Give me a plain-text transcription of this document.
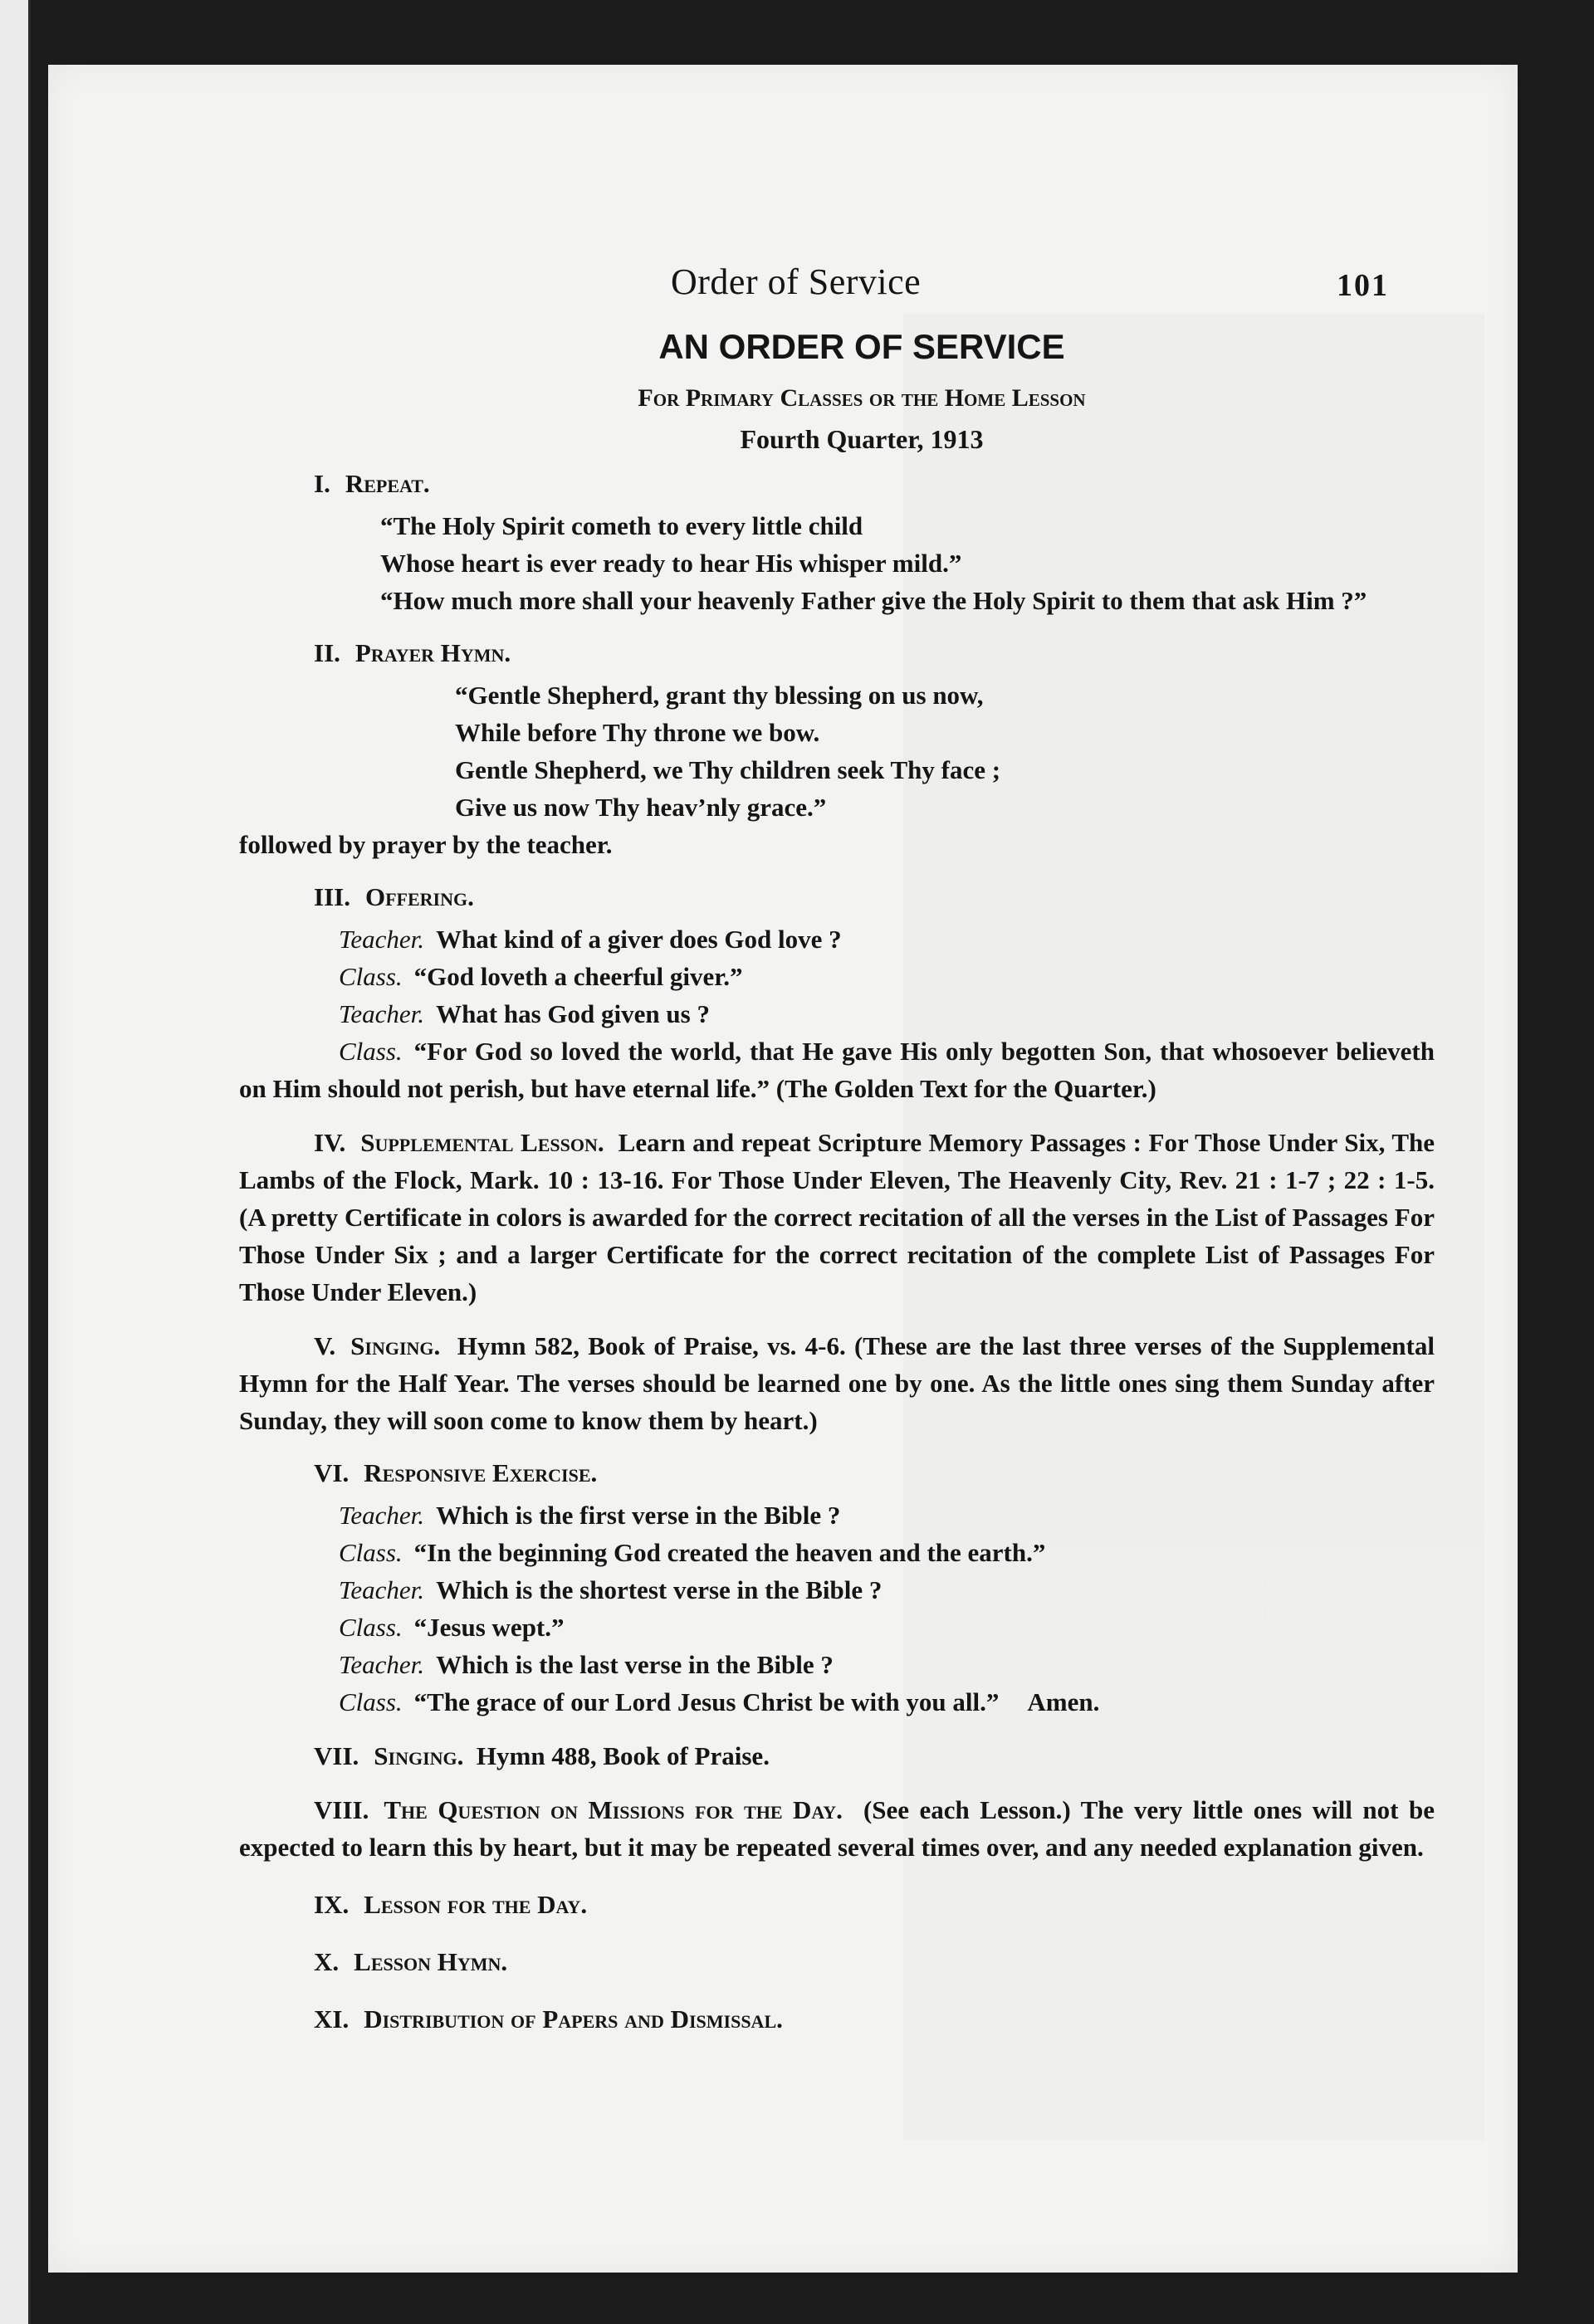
Order of Service	101
AN ORDER OF SERVICE
For Primary Classes or the Home Lesson
Fourth Quarter, 1913
I. Repeat.
“The Holy Spirit cometh to every little child
Whose heart is ever ready to hear His whisper mild.”

“How much more shall your heavenly Father give the Holy Spirit to them that ask Him ?”

II. Prayer Hymn.
“Gentle Shepherd, grant thy blessing on us now,
While before Thy throne we bow.
Gentle Shepherd, we Thy children seek Thy face ;
Give us now Thy heav’nly grace.”

followed by prayer by the teacher.

III. Offering.
Teacher. What kind of a giver does God love ?
Class. “God loveth a cheerful giver.”
Teacher. What has God given us ?

Class. “For God so loved the world, that He gave His only begotten Son, that whosoever believeth on Him should not perish, but have eternal life.” (The Golden Text for the Quarter.)

IV. Supplemental Lesson. Learn and repeat Scripture Memory Passages : For Those Under Six, The Lambs of the Flock, Mark. 10 : 13-16. For Those Under Eleven, The Heavenly City, Rev. 21 : 1-7 ; 22 : 1-5. (A pretty Certificate in colors is awarded for the correct recitation of all the verses in the List of Passages For Those Under Six ; and a larger Certificate for the correct recitation of the complete List of Passages For Those Under Eleven.)

V. Singing. Hymn 582, Book of Praise, vs. 4-6. (These are the last three verses of the Supplemental Hymn for the Half Year. The verses should be learned one by one. As the little ones sing them Sunday after Sunday, they will soon come to know them by heart.)

VI. Responsive Exercise.
Teacher. Which is the first verse in the Bible ?
Class. “In the beginning God created the heaven and the earth.”
Teacher. Which is the shortest verse in the Bible ?
Class. “Jesus wept.”
Teacher. Which is the last verse in the Bible ?
Class. “The grace of our Lord Jesus Christ be with you all.” Amen.

VII. Singing. Hymn 488, Book of Praise.

VIII. The Question on Missions for the Day. (See each Lesson.) The very little ones will not be expected to learn this by heart, but it may be repeated several times over, and any needed explanation given.

IX. Lesson for the Day.
X. Lesson Hymn.
XI. Distribution of Papers and Dismissal.
